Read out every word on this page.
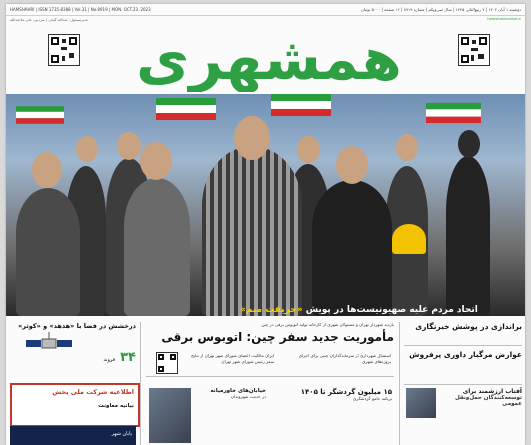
HAMSHAHRI | ISSN 1735-8388 | Vol.31 | No.8919 | MON. OCT.23 .2023	دوشنبه ۱ آبان ۱۴۰۲ | ۷ ربیع‌الثانی ۱۴۴۵ | سال سی‌ویکم | شماره ۸۹۱۹ | ۱۶ صفحه | ۵۰۰۰ تومان
مدیرمسئول: عبدالله گنجی | سردبیر: علی ملا‌عبدالله	hamshahrionline.ir
همشهری
اتحاد مردم علیه صهیونیست‌ها در پویش «حریفت منم»
درخشش در فضا با «هدهد» و «کوثر»
۳۴ فروند
اطلاعیه شرکت ملی پخش
بیانیه معاونت
پایان شهر
بازدید شهردار تهران و مسئولان شهری از کارخانه تولید اتوبوس برقی در چین
مأموریت جدید سفر چین: اتوبوس برقی
ایران مالکیت اعضای شورای شهر تهران از نتایج سفر رئیس شورای شهر تهران
استقبال شهرداری از سرمایه‌گذاران چینی برای اجرای پروژه‌های شهری
خیابان‌های خاورمیانه
در خدمت شهروندان
۱۵ میلیون گردشگر تا ۱۴۰۵
برنامه جامع گردشگری
براندازی در پوشش خبرنگاری
عوارض مرگبار داوری پرفروش
آفتاب ارزشمند برای
توسعه‌کنندگان حمل‌ونقل عمومی
